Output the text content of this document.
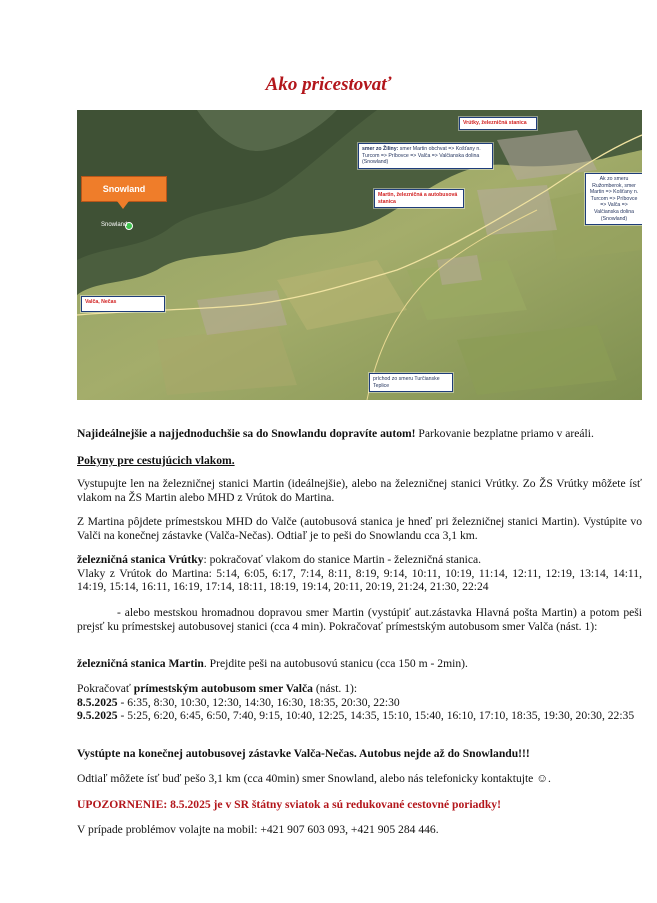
Ako pricestovať
Snowland
Snowland
Vrútky, železničná stanica
smer zo Žiliny: smer Martin obchvat => Košťany n. Turcom => Príbovce => Valča => Valčianska dolina (Snowland)
Martin, železničná a autobusová stanica
Ak zo smeru Ružomberok, smer Martin => Košťany n. Turcom => Príbovce => Valča => Valčianska dolina (Snowland)
Valča, Nečas
príchod zo smeru Turčianske Teplice
Najideálnejšie a najjednoduchšie sa do Snowlandu dopravíte autom! Parkovanie bezplatne priamo v areáli.
Pokyny pre cestujúcich vlakom.
Vystupujte len na železničnej stanici Martin (ideálnejšie), alebo na železničnej stanici Vrútky. Zo ŽS Vrútky môžete ísť vlakom na ŽS Martin alebo MHD z Vrútok do Martina.
Z Martina pôjdete prímestskou MHD do Valče (autobusová stanica je hneď pri železničnej stanici Martin). Vystúpite vo Valči na konečnej zástavke (Valča-Nečas). Odtiaľ je to peši do Snowlandu cca 3,1 km.
železničná stanica Vrútky: pokračovať vlakom do stanice Martin - železničná stanica.
Vlaky z Vrútok do Martina: 5:14, 6:05, 6:17, 7:14, 8:11, 8:19, 9:14, 10:11, 10:19, 11:14, 12:11, 12:19, 13:14, 14:11, 14:19, 15:14, 16:11, 16:19, 17:14, 18:11, 18:19, 19:14, 20:11, 20:19, 21:24, 21:30, 22:24
- alebo mestskou hromadnou dopravou smer Martin (vystúpiť aut.zástavka Hlavná pošta Martin) a potom peši prejsť ku prímestskej autobusovej stanici (cca 4 min). Pokračovať prímestským autobusom smer Valča (nást. 1):
železničná stanica Martin. Prejdite peši na autobusovú stanicu (cca 150 m - 2min).
Pokračovať prímestským autobusom smer Valča (nást. 1):
8.5.2025 - 6:35, 8:30, 10:30, 12:30, 14:30, 16:30, 18:35, 20:30, 22:30
9.5.2025 - 5:25, 6:20, 6:45, 6:50, 7:40, 9:15, 10:40, 12:25, 14:35, 15:10, 15:40, 16:10, 17:10, 18:35, 19:30, 20:30, 22:35
Vystúpte na konečnej autobusovej zástavke Valča-Nečas. Autobus nejde až do Snowlandu!!!
Odtiaľ môžete ísť buď pešo 3,1 km (cca 40min) smer Snowland, alebo nás telefonicky kontaktujte ☺.
UPOZORNENIE: 8.5.2025 je v SR štátny sviatok a sú redukované cestovné poriadky!
V prípade problémov volajte na mobil: +421 907 603 093, +421 905 284 446.
